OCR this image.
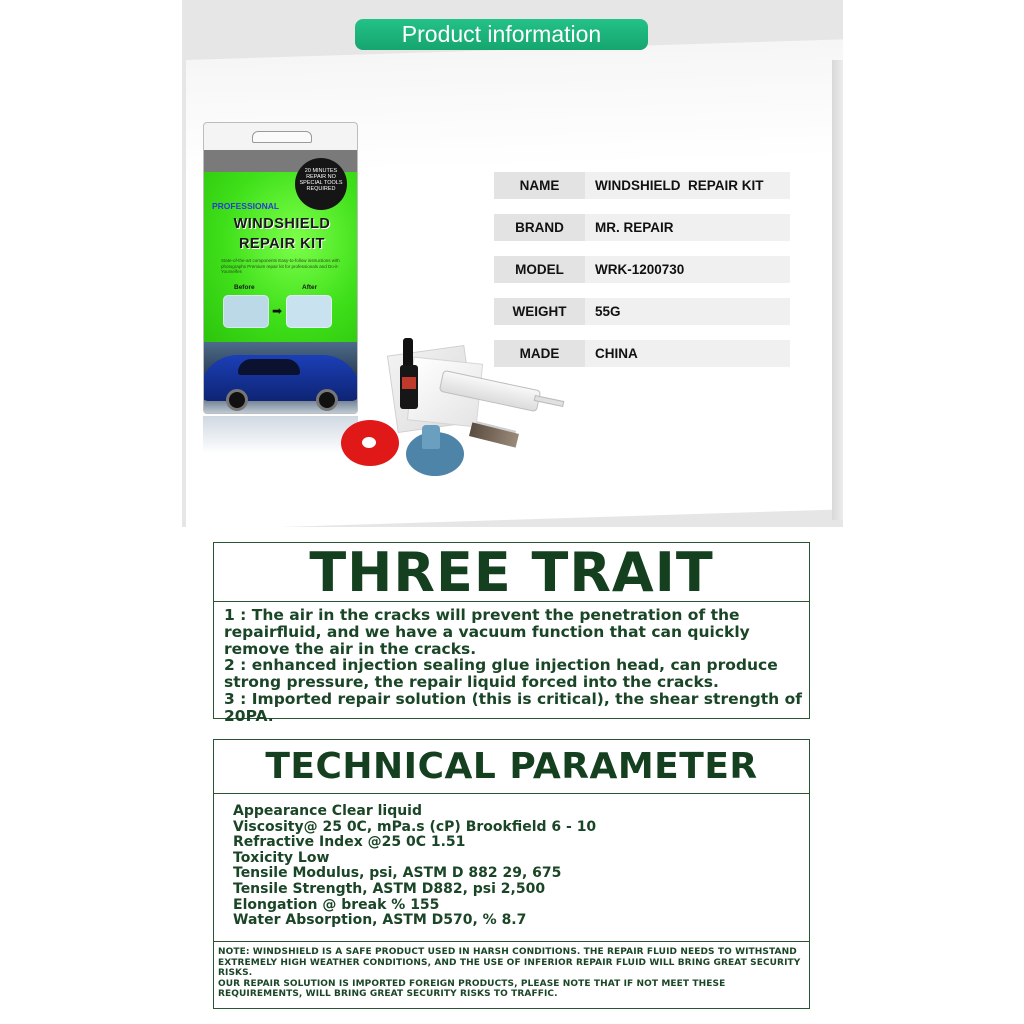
Product information
20 MINUTES REPAIR NO SPECIAL TOOLS REQUIRED
PROFESSIONAL
WINDSHIELD
REPAIR KIT
State-of-the-art components Easy-to-follow instructions with photographs Premium repair kit for professionals and Do-it-Yourselfes
Before	After
➡
NAME	WINDSHIELD  REPAIR KIT
BRAND	MR. REPAIR
MODEL	WRK-1200730
WEIGHT	55G
MADE	CHINA
THREE TRAIT

1 : The air in the cracks will prevent the penetration of the    repairfluid, and we have a vacuum function that can quickly remove the air in the cracks.

2 : enhanced injection sealing glue injection head, can produce strong pressure, the repair liquid forced into the cracks.

3 : Imported repair solution (this is critical), the shear strength of 20PA.

TECHNICAL PARAMETER

Appearance Clear liquid

Viscosity@ 25 0C, mPa.s (cP) Brookfield 6 - 10

Refractive Index @25 0C 1.51

Toxicity Low

Tensile Modulus, psi, ASTM D 882 29, 675

Tensile Strength, ASTM D882, psi 2,500

Elongation @ break % 155

Water Absorption, ASTM D570, % 8.7

NOTE: WINDSHIELD IS A SAFE PRODUCT USED IN HARSH CONDITIONS. THE REPAIR FLUID NEEDS TO WITHSTAND EXTREMELY HIGH WEATHER CONDITIONS, AND THE USE OF INFERIOR REPAIR FLUID WILL BRING GREAT SECURITY RISKS.

OUR REPAIR SOLUTION IS IMPORTED FOREIGN PRODUCTS, PLEASE NOTE THAT IF NOT MEET THESE REQUIREMENTS, WILL BRING GREAT SECURITY RISKS TO TRAFFIC.
